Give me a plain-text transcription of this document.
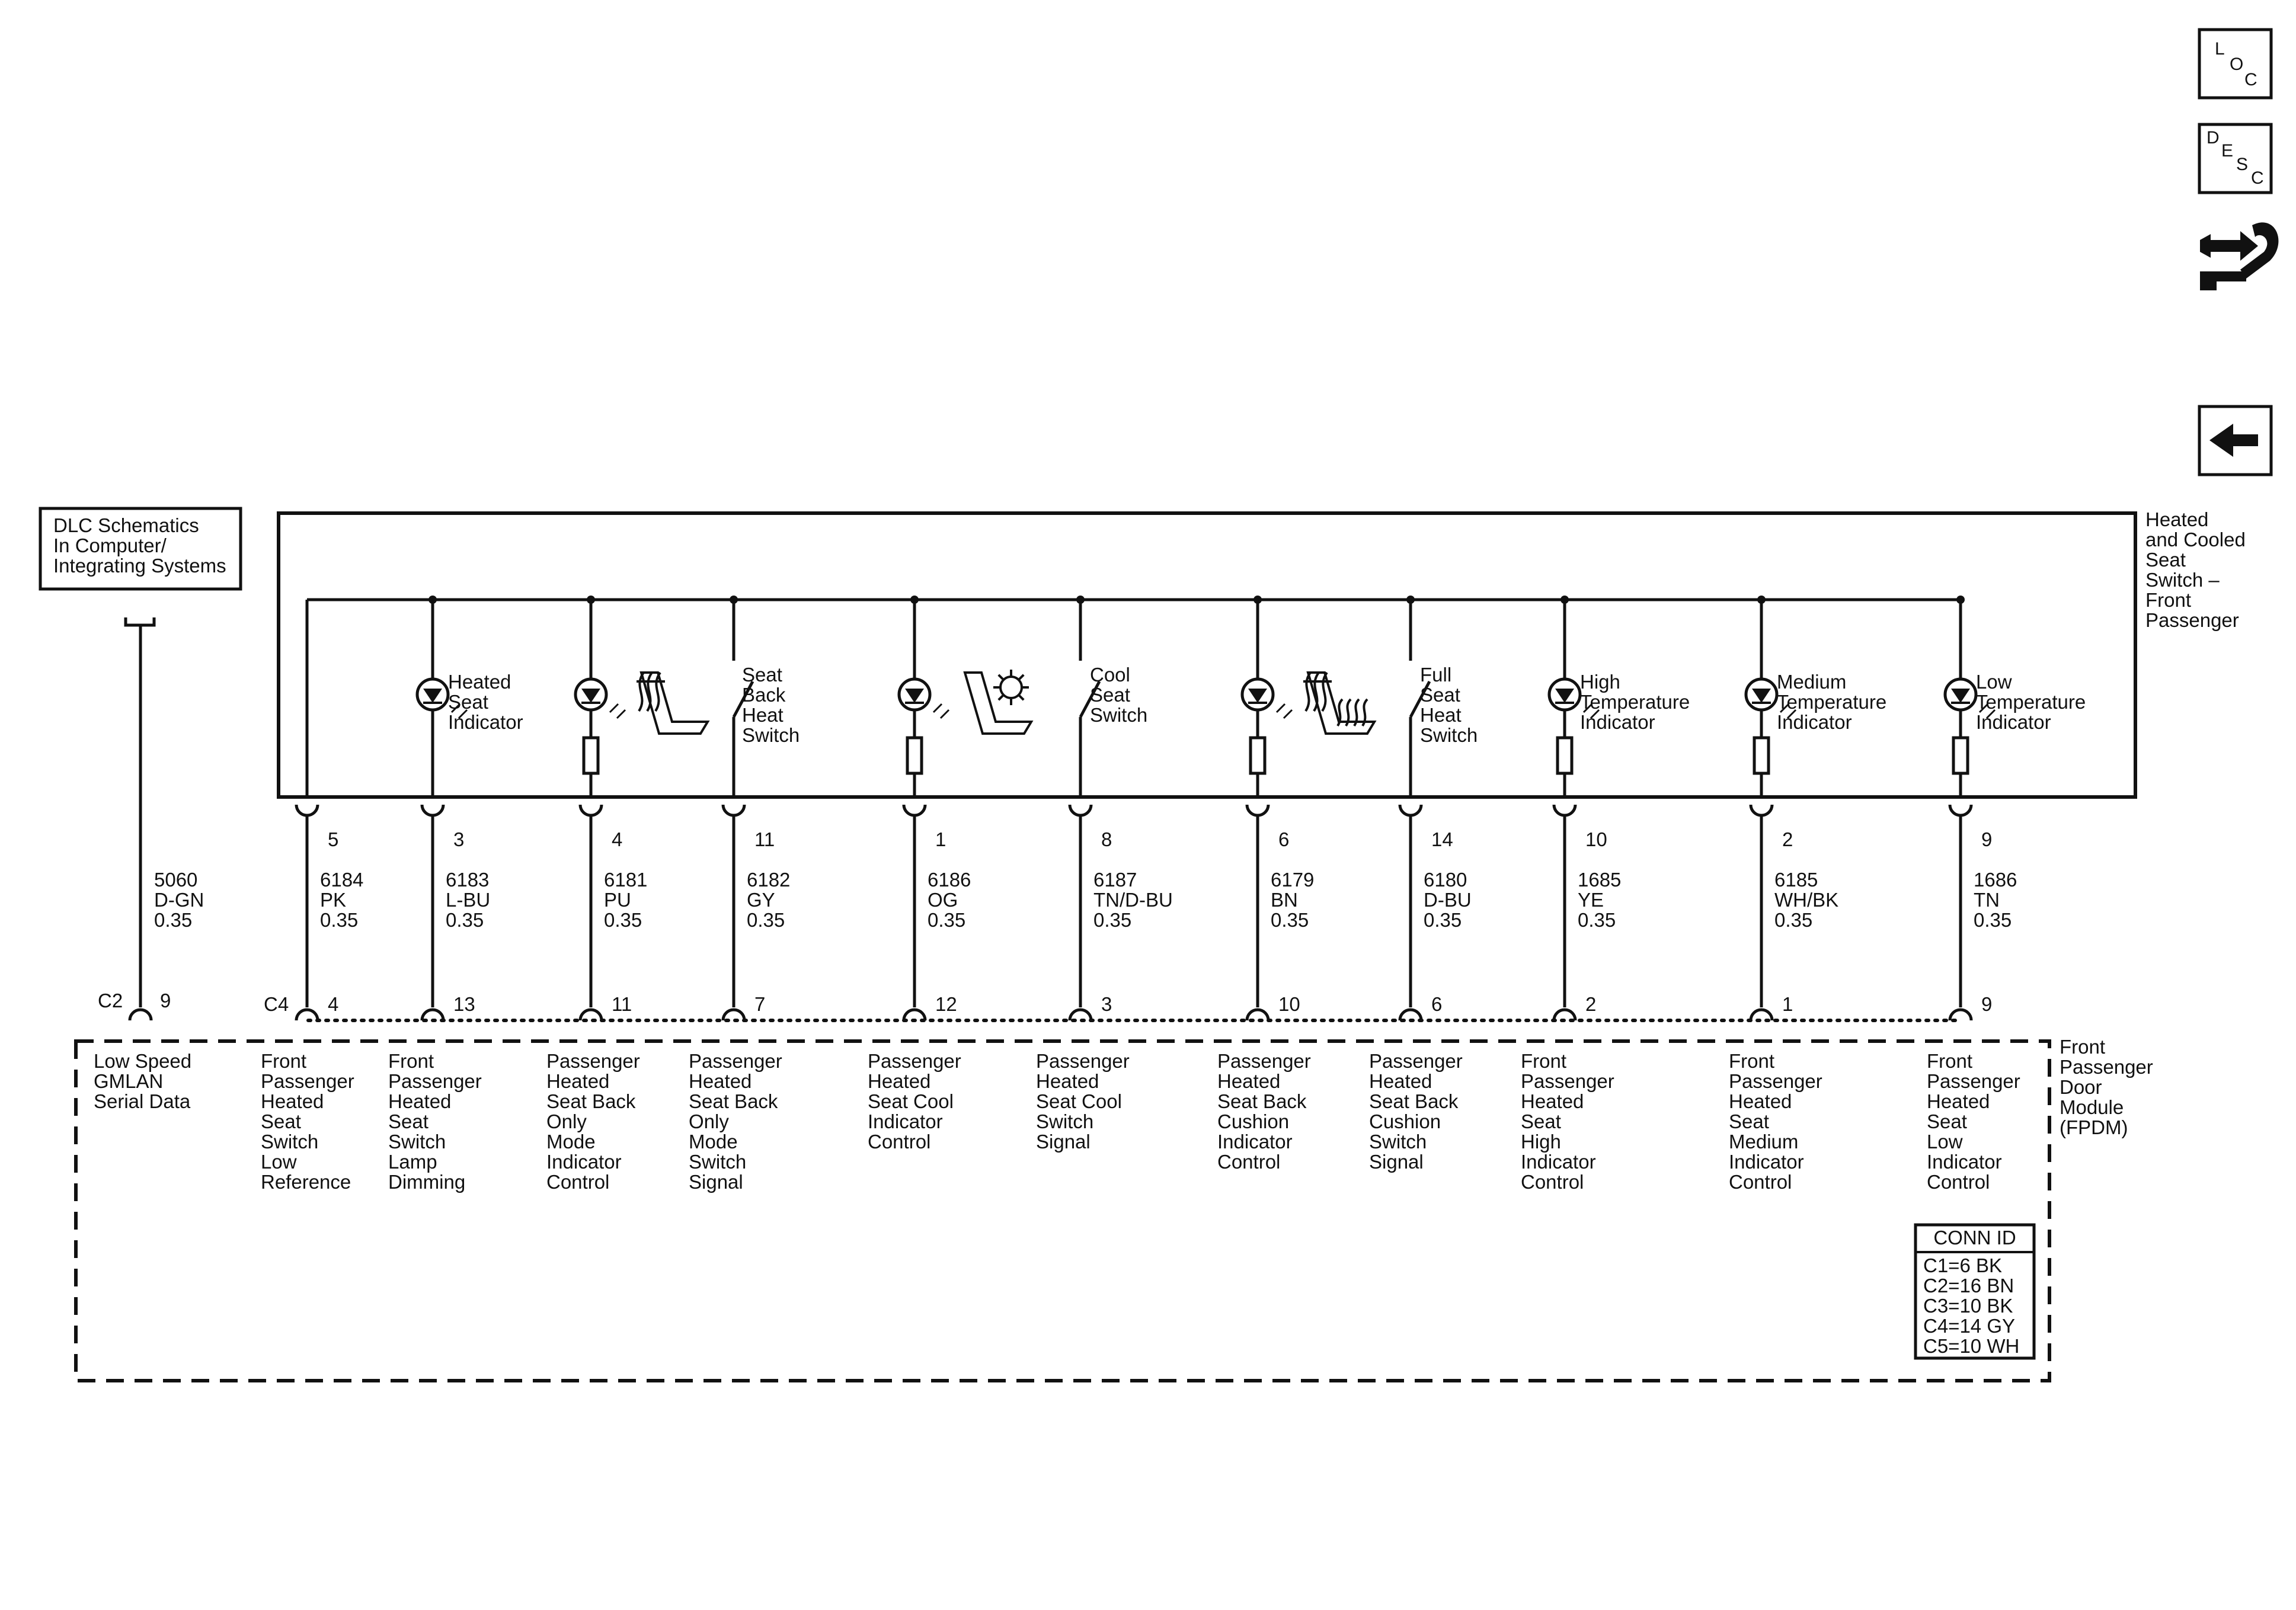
L
O
C
D
E
S
C
DLC Schematics
In Computer/
Integrating Systems
5060
D-GN
0.35
Heated
and Cooled
Seat
Switch –
Front
Passenger
Front
Passenger
Door
Module
(FPDM)
C2 9	C4
Low Speed
GMLAN
Serial Data
CONN ID
C1=6 BK
C2=16 BN
C3=10 BK
C4=14 GY
C5=10 WH
5
6184
PK
0.35
4
Front
Passenger
Heated
Seat
Switch
Low
Reference
Heated
Seat
Indicator
3
6183
L-BU
0.35
13
Front
Passenger
Heated
Seat
Switch
Lamp
Dimming
4
6181
PU
0.35
11
Passenger
Heated
Seat Back
Only
Mode
Indicator
Control
Seat
Back
Heat
Switch
11
6182
GY
0.35
7
Passenger
Heated
Seat Back
Only
Mode
Switch
Signal
1
6186
OG
0.35
12
Passenger
Heated
Seat Cool
Indicator
Control
Cool
Seat
Switch
8
6187
TN/D-BU
0.35
3
Passenger
Heated
Seat Cool
Switch
Signal
6
6179
BN
0.35
10
Passenger
Heated
Seat Back
Cushion
Indicator
Control
Full
Seat
Heat
Switch
14
6180
D-BU
0.35
6
Passenger
Heated
Seat Back
Cushion
Switch
Signal
High
Temperature
Indicator
10
1685
YE
0.35
2
Front
Passenger
Heated
Seat
High
Indicator
Control
Medium
Temperature
Indicator
2
6185
WH/BK
0.35
1
Front
Passenger
Heated
Seat
Medium
Indicator
Control
Low
Temperature
Indicator
9
1686
TN
0.35
9
Front
Passenger
Heated
Seat
Low
Indicator
Control
